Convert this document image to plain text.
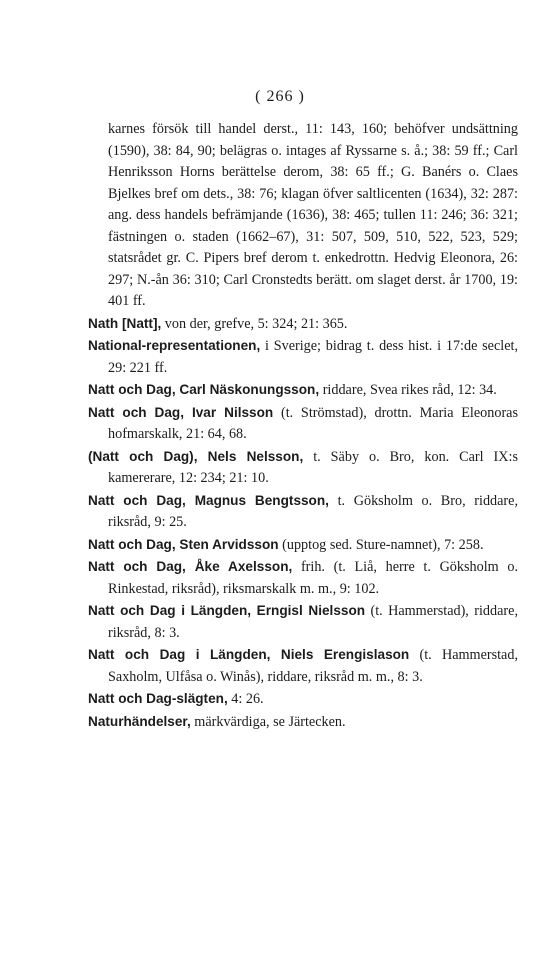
( 266 )

karnes försök till handel derst., 11: 143, 160; behöfver undsättning (1590), 38: 84, 90; belägras o. intages af Ryssarne s. å.; 38: 59 ff.; Carl Henriksson Horns berättelse derom, 38: 65 ff.; G. Banérs o. Claes Bjelkes bref om dets., 38: 76; klagan öfver saltlicenten (1634), 32: 287: ang. dess handels befrämjande (1636), 38: 465; tullen 11: 246; 36: 321; fästningen o. staden (1662–67), 31: 507, 509, 510, 522, 523, 529; statsrådet gr. C. Pipers bref derom t. enkedrottn. Hedvig Eleonora, 26: 297; N.-ån 36: 310; Carl Cronstedts berätt. om slaget derst. år 1700, 19: 401 ff.

Nath [Natt], von der, grefve, 5: 324; 21: 365.

National-representationen, i Sverige; bidrag t. dess hist. i 17:de seclet, 29: 221 ff.

Natt och Dag, Carl Näskonungsson, riddare, Svea rikes råd, 12: 34.

Natt och Dag, Ivar Nilsson (t. Strömstad), drottn. Maria Eleonoras hofmarskalk, 21: 64, 68.

(Natt och Dag), Nels Nelsson, t. Säby o. Bro, kon. Carl IX:s kamererare, 12: 234; 21: 10.

Natt och Dag, Magnus Bengtsson, t. Göksholm o. Bro, riddare, riksråd, 9: 25.

Natt och Dag, Sten Arvidsson (upptog sed. Sture-namnet), 7: 258.

Natt och Dag, Åke Axelsson, frih. (t. Liå, herre t. Göksholm o. Rinkestad, riksråd), riksmarskalk m. m., 9: 102.

Natt och Dag i Längden, Erngisl Nielsson (t. Hammerstad), riddare, riksråd, 8: 3.

Natt och Dag i Längden, Niels Erengislason (t. Hammerstad, Saxholm, Ulfåsa o. Winås), riddare, riksråd m. m., 8: 3.

Natt och Dag-slägten, 4: 26.

Naturhändelser, märkvärdiga, se Järtecken.
